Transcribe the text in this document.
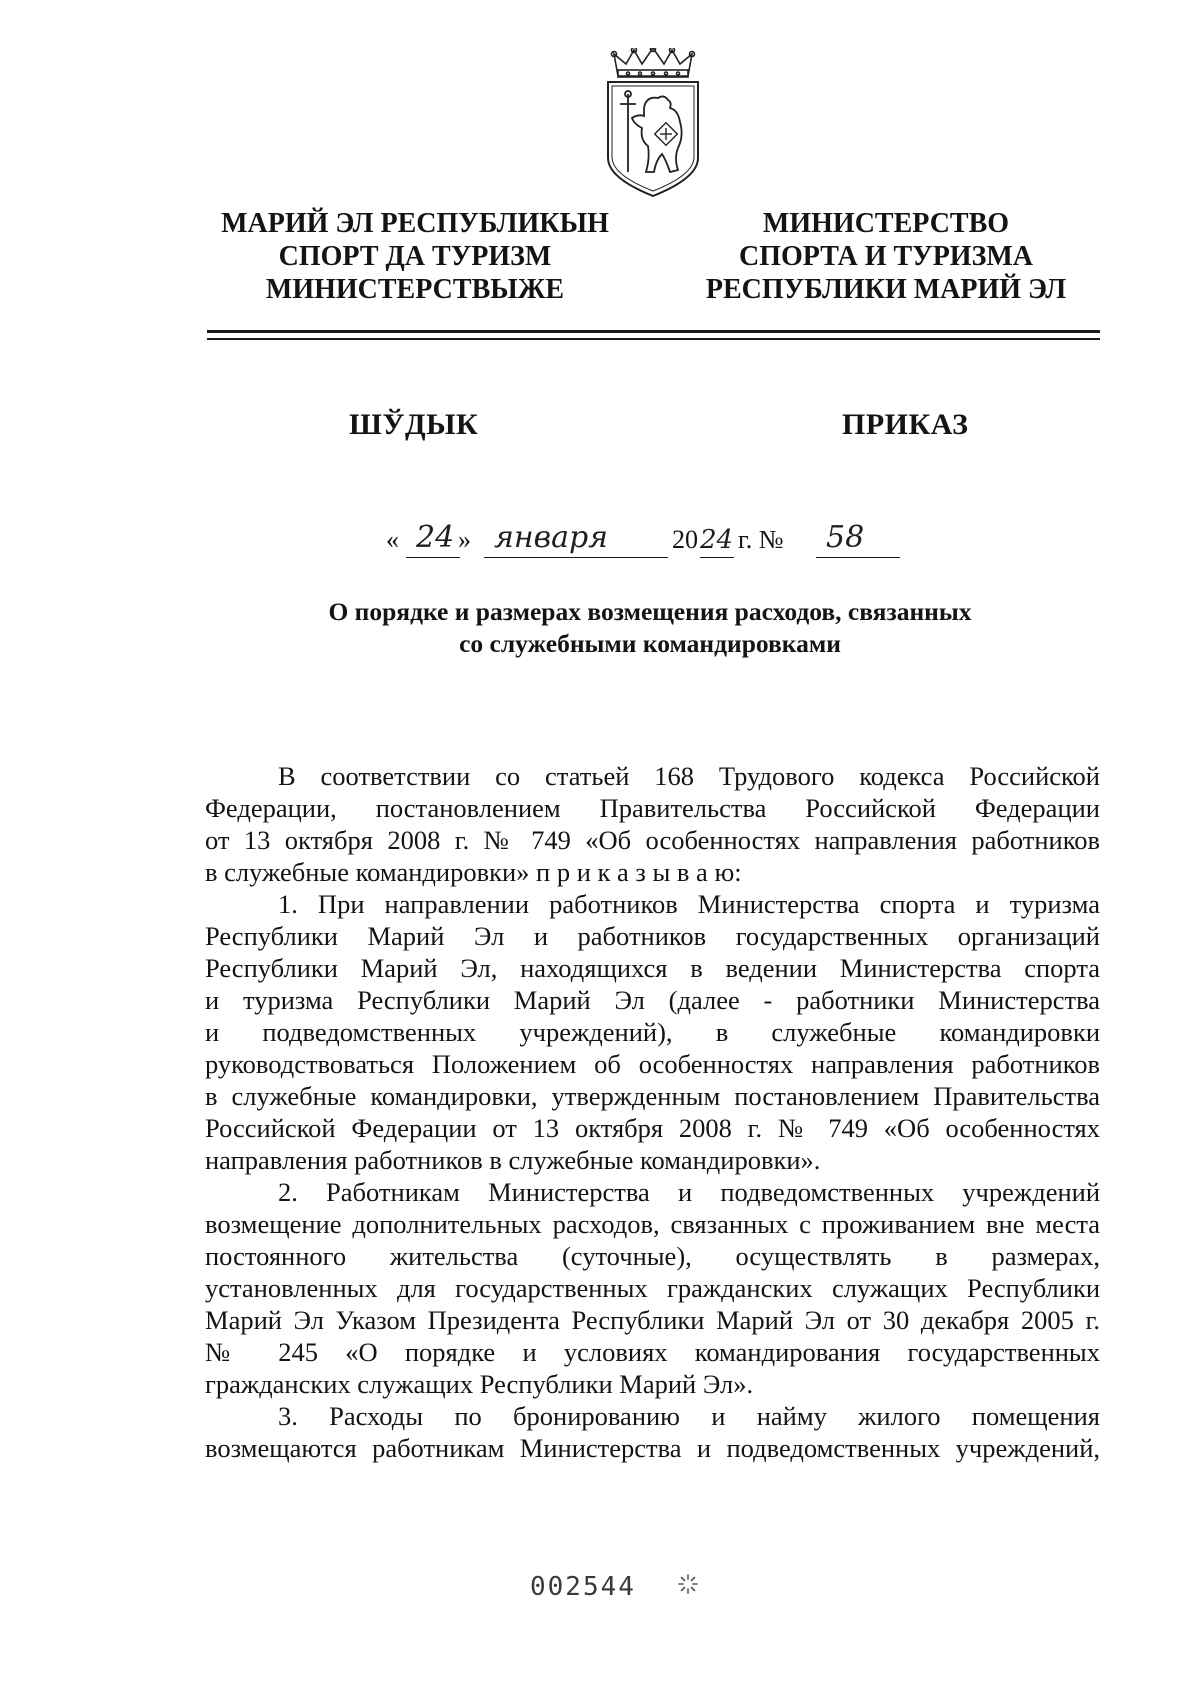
МАРИЙ ЭЛ РЕСПУБЛИКЫН
СПОРТ ДА ТУРИЗМ
МИНИСТЕРСТВЫЖЕ
МИНИСТЕРСТВО
СПОРТА И ТУРИЗМА
РЕСПУБЛИКИ МАРИЙ ЭЛ
ШЎДЫК	ПРИКАЗ
« 24 » января 20 24 г. № 58
О порядке и размерах возмещения расходов, связанных
со служебными командировками
В соответствии со статьей 168 Трудового кодекса Российской
Федерации, постановлением Правительства Российской Федерации
от 13 октября 2008 г. № 749 «Об особенностях направления работников
в служебные командировки» п р и к а з ы в а ю:
1. При направлении работников Министерства спорта и туризма
Республики Марий Эл и работников государственных организаций
Республики Марий Эл, находящихся в ведении Министерства спорта
и туризма Республики Марий Эл (далее - работники Министерства
и подведомственных учреждений), в служебные командировки
руководствоваться Положением об особенностях направления работников
в служебные командировки, утвержденным постановлением Правительства
Российской Федерации от 13 октября 2008 г. № 749 «Об особенностях
направления работников в служебные командировки».
2. Работникам Министерства и подведомственных учреждений
возмещение дополнительных расходов, связанных с проживанием вне места
постоянного жительства (суточные), осуществлять в размерах,
установленных для государственных гражданских служащих Республики
Марий Эл Указом Президента Республики Марий Эл от 30 декабря 2005 г.
№ 245 «О порядке и условиях командирования государственных
гражданских служащих Республики Марий Эл».
3. Расходы по бронированию и найму жилого помещения
возмещаются работникам Министерства и подведомственных учреждений,
002544
